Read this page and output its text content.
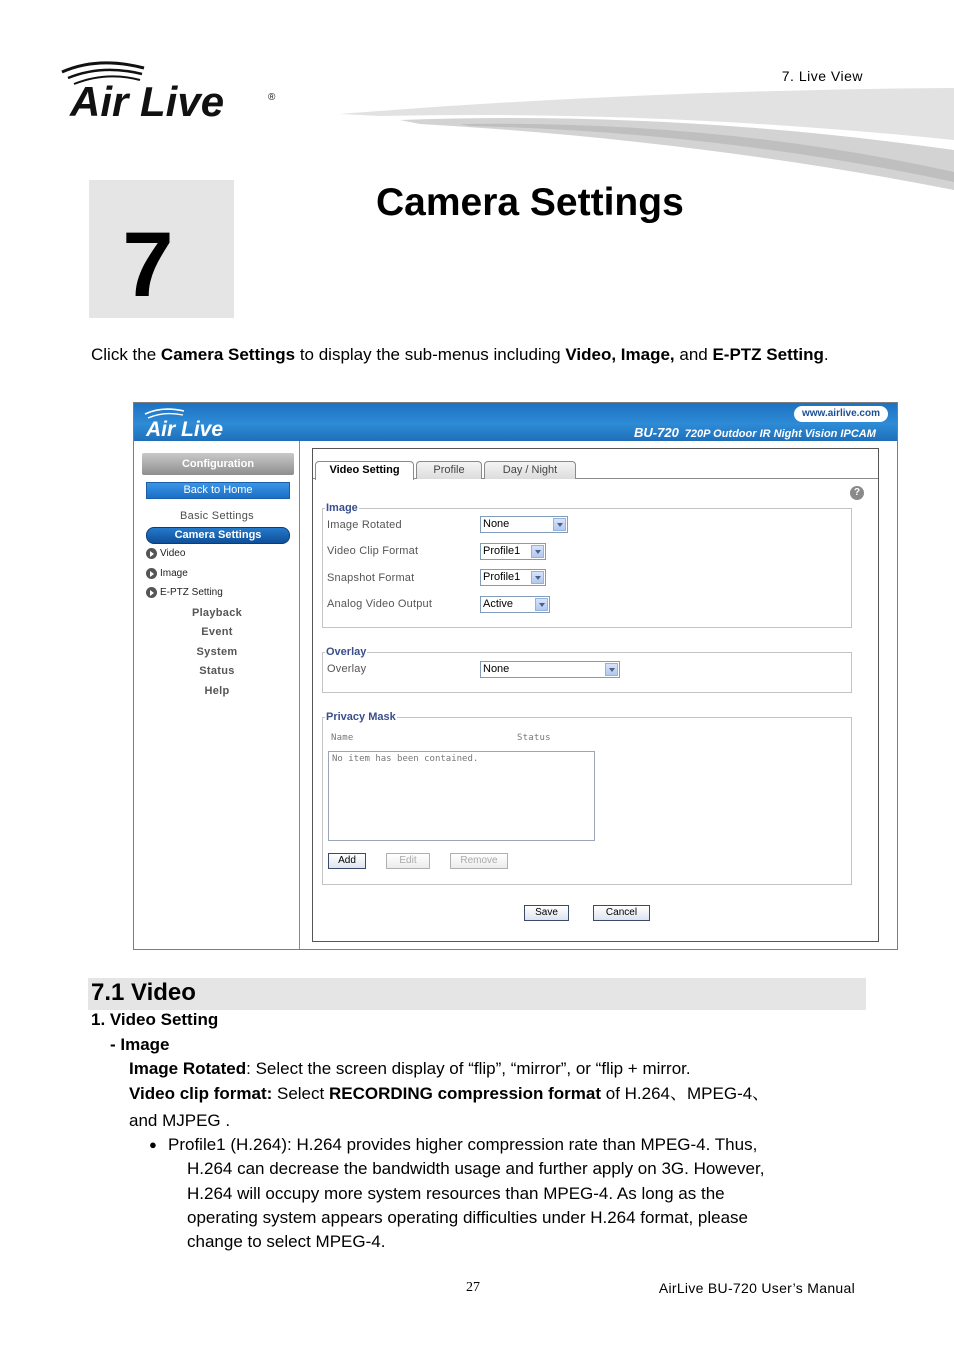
Air Live	®
7. Live View
7
Camera Settings
Click the Camera Settings to display the sub-menus including Video, Image, and E-PTZ Setting.
Air Live
www.airlive.com
BU-720 720P Outdoor IR Night Vision IPCAM
Configuration
Back to Home
Basic Settings
Camera Settings
Video
Image
E-PTZ Setting
Playback
Event
System
Status
Help
Video Setting	Profile	Day / Night
?
Image
Image Rotated	None
Video Clip Format	Profile1
Snapshot Format	Profile1
Analog Video Output	Active
Overlay
Overlay	None
Privacy Mask
Name	Status
No item has been contained.
Add	Edit	Remove
Save	Cancel
7.1 Video
1. Video Setting
- Image
Image Rotated: Select the screen display of “flip”, “mirror”, or “flip + mirror.
Video clip format: Select RECORDING compression format of H.264、MPEG-4、
and MJPEG .
● Profile1 (H.264): H.264 provides higher compression rate than MPEG-4. Thus,
H.264 can decrease the bandwidth usage and further apply on 3G. However,
H.264 will occupy more system resources than MPEG-4. As long as the
operating system appears operating difficulties under H.264 format, please
change to select MPEG-4.
27	AirLive BU-720 User’s Manual
